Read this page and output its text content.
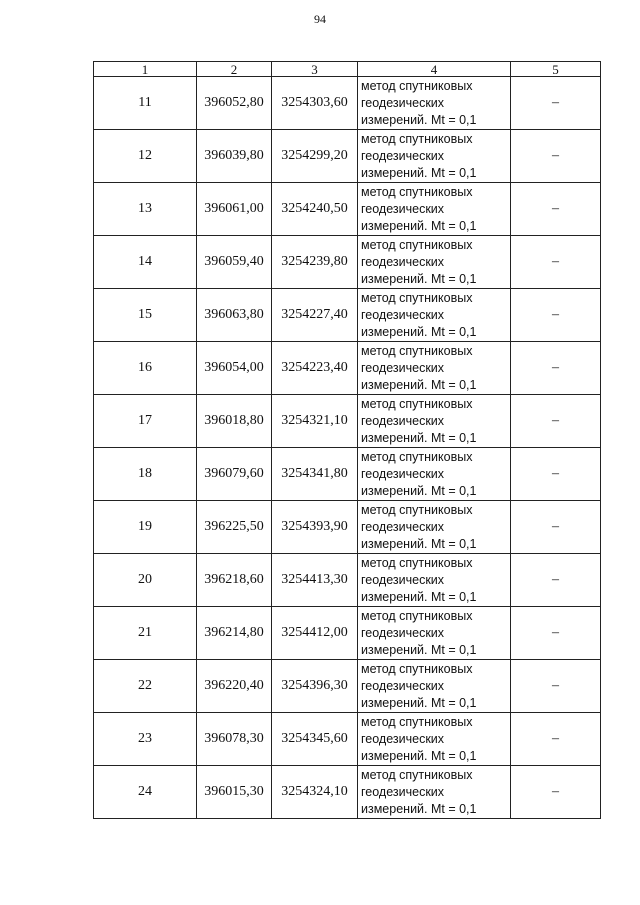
94
1	2	3	4	5
11	396052,80	3254303,60	метод спутниковых
геодезических
измерений. Mt = 0,1	–
12	396039,80	3254299,20	метод спутниковых
геодезических
измерений. Mt = 0,1	–
13	396061,00	3254240,50	метод спутниковых
геодезических
измерений. Mt = 0,1	–
14	396059,40	3254239,80	метод спутниковых
геодезических
измерений. Mt = 0,1	–
15	396063,80	3254227,40	метод спутниковых
геодезических
измерений. Mt = 0,1	–
16	396054,00	3254223,40	метод спутниковых
геодезических
измерений. Mt = 0,1	–
17	396018,80	3254321,10	метод спутниковых
геодезических
измерений. Mt = 0,1	–
18	396079,60	3254341,80	метод спутниковых
геодезических
измерений. Mt = 0,1	–
19	396225,50	3254393,90	метод спутниковых
геодезических
измерений. Mt = 0,1	–
20	396218,60	3254413,30	метод спутниковых
геодезических
измерений. Mt = 0,1	–
21	396214,80	3254412,00	метод спутниковых
геодезических
измерений. Mt = 0,1	–
22	396220,40	3254396,30	метод спутниковых
геодезических
измерений. Mt = 0,1	–
23	396078,30	3254345,60	метод спутниковых
геодезических
измерений. Mt = 0,1	–
24	396015,30	3254324,10	метод спутниковых
геодезических
измерений. Mt = 0,1	–
